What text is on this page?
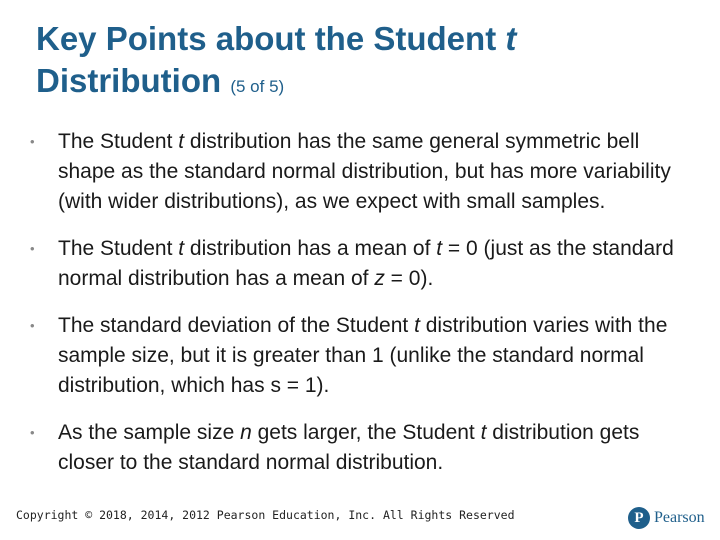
Key Points about the Student t
Distribution (5 of 5)
•	The Student t distribution has the same general symmetric bell shape as the standard normal distribution, but has more variability (with wider distributions), as we expect with small samples.
•	The Student t distribution has a mean of t = 0 (just as the standard normal distribution has a mean of z = 0).
•	The standard deviation of the Student t distribution varies with the sample size, but it is greater than 1 (unlike the standard normal distribution, which has s = 1).
•	As the sample size n gets larger, the Student t distribution gets closer to the standard normal distribution.
Copyright © 2018, 2014, 2012 Pearson Education, Inc. All Rights Reserved	P Pearson
